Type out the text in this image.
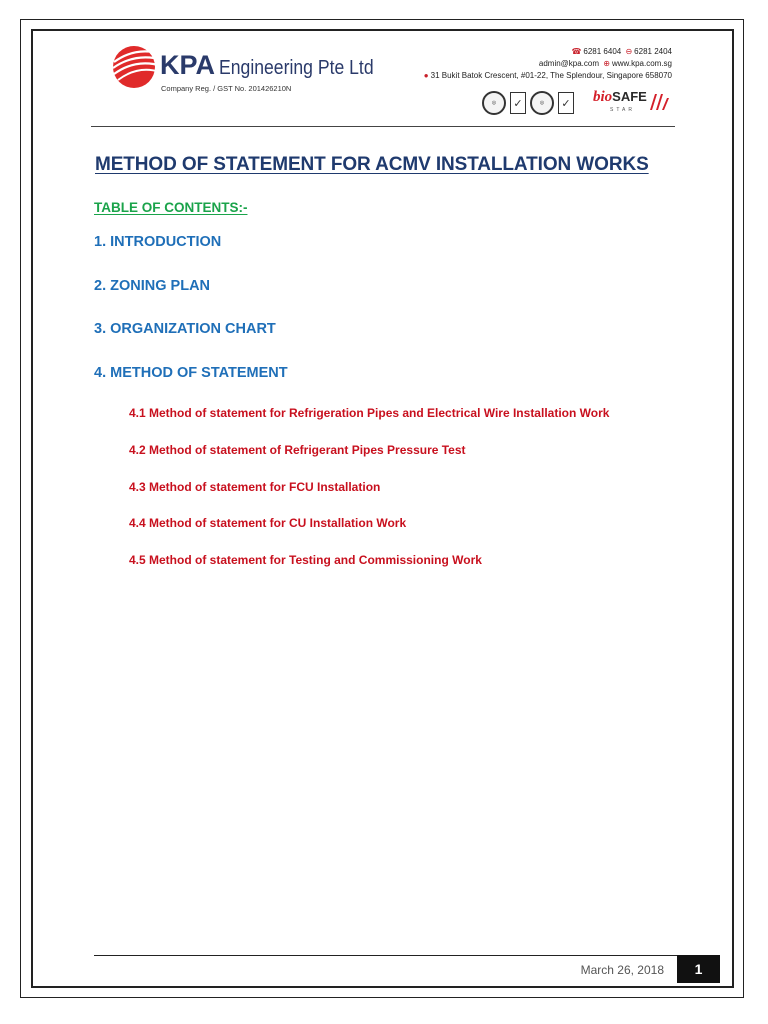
KPA Engineering Pte Ltd
Company Reg. / GST No. 201426210N
☎ 6281 6404 ⊖ 6281 2404
admin@kpa.com ⊕ www.kpa.com.sg
● 31 Bukit Batok Crescent, #01-22, The Splendour, Singapore 658070
◎	✓	◎	✓ bioSAFE
STAR
METHOD OF STATEMENT FOR ACMV INSTALLATION WORKS
TABLE OF CONTENTS:-
1. INTRODUCTION
2. ZONING PLAN
3. ORGANIZATION CHART
4. METHOD OF STATEMENT
4.1 Method of statement for Refrigeration Pipes and Electrical Wire Installation Work
4.2 Method of statement of Refrigerant Pipes Pressure Test
4.3 Method of statement for FCU Installation
4.4 Method of statement for CU Installation Work
4.5 Method of statement for Testing and Commissioning Work
March 26, 2018	1
